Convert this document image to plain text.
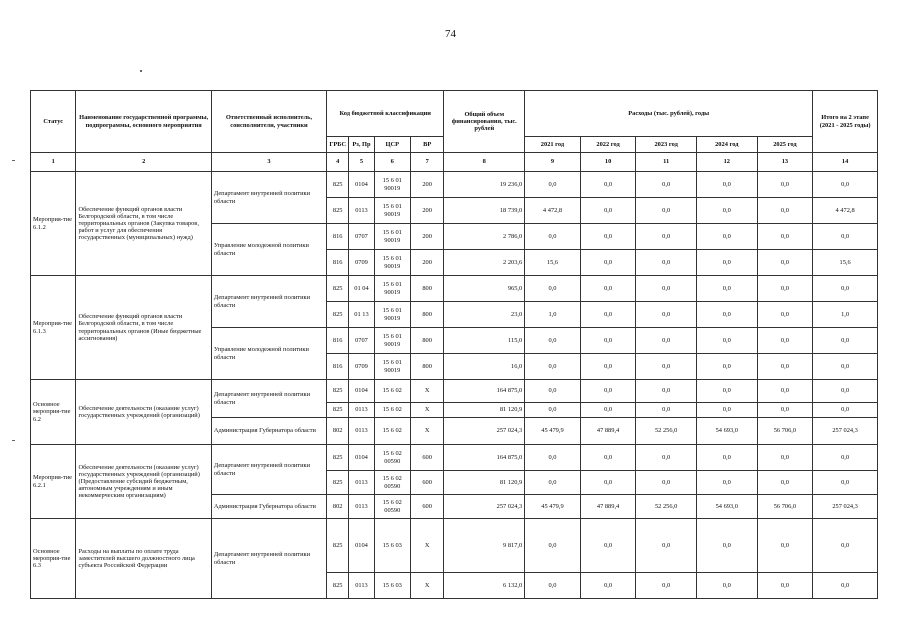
74
Статус	Наименование государственной программы, подпрограммы, основного мероприятия	Ответственный исполнитель, соисполнители, участники	Код бюджетной классификации				Общий объем финансирования, тыс. рублей	Расходы (тыс. рублей), годы					Итого на 2 этапе (2021 - 2025 годы)
			ГРБС	Рз, Пр	ЦСР	ВР		2021 год	2022 год	2023 год	2024 год	2025 год	
1	2	3	4	5	6	7	8	9	10	11	12	13	14
Мероприя-тие 6.1.2	Обеспечение функций органов власти Белгородской области, в том числе территориальных органов (Закупка товаров, работ и услуг для обеспечения государственных (муниципальных) нужд)	Департамент внутренней политики области	825	0104	15 6 01 90019	200	19 236,0	0,0	0,0	0,0	0,0	0,0	0,0
			825	0113	15 6 01 90019	200	18 739,0	4 472,8	0,0	0,0	0,0	0,0	4 472,8
		Управление молодежной политики области	816	0707	15 6 01 90019	200	2 786,0	0,0	0,0	0,0	0,0	0,0	0,0
			816	0709	15 6 01 90019	200	2 203,6	15,6	0,0	0,0	0,0	0,0	15,6
Мероприя-тие 6.1.3	Обеспечение функций органов власти Белгородской области, в том числе территориальных органов (Иные бюджетные ассигнования)	Департамент внутренней политики области	825	01 04	15 6 01 90019	800	965,0	0,0	0,0	0,0	0,0	0,0	0,0
			825	01 13	15 6 01 90019	800	23,0	1,0	0,0	0,0	0,0	0,0	1,0
		Управление молодежной политики области	816	0707	15 6 01 90019	800	115,0	0,0	0,0	0,0	0,0	0,0	0,0
			816	0709	15 6 01 90019	800	16,0	0,0	0,0	0,0	0,0	0,0	0,0
Основное мероприя-тие 6.2	Обеспечение деятельности (оказание услуг) государственных учреждений (организаций)	Департамент внутренней политики области	825	0104	15 6 02	X	164 875,0	0,0	0,0	0,0	0,0	0,0	0,0
			825	0113	15 6 02	X	81 120,9	0,0	0,0	0,0	0,0	0,0	0,0
		Администрация Губернатора области	802	0113	15 6 02	X	257 024,3	45 479,9	47 889,4	52 256,0	54 693,0	56 706,0	257 024,3
Мероприя-тие 6.2.1	Обеспечение деятельности (оказание услуг) государственных учреждений (организаций) (Предоставление субсидий бюджетным, автономным учреждениям и иным некоммерческим организациям)	Департамент внутренней политики области	825	0104	15 6 02 00590	600	164 875,0	0,0	0,0	0,0	0,0	0,0	0,0
			825	0113	15 6 02 00590	600	81 120,9	0,0	0,0	0,0	0,0	0,0	0,0
		Администрация Губернатора области	802	0113	15 6 02 00590	600	257 024,3	45 479,9	47 889,4	52 256,0	54 693,0	56 706,0	257 024,3
Основное мероприя-тие 6.3	Расходы на выплаты по оплате труда заместителей высшего должностного лица субъекта Российской Федерации	Департамент внутренней политики области	825	0104	15 6 03	X	9 817,0	0,0	0,0	0,0	0,0	0,0	0,0
			825	0113	15 6 03	X	6 132,0	0,0	0,0	0,0	0,0	0,0	0,0
